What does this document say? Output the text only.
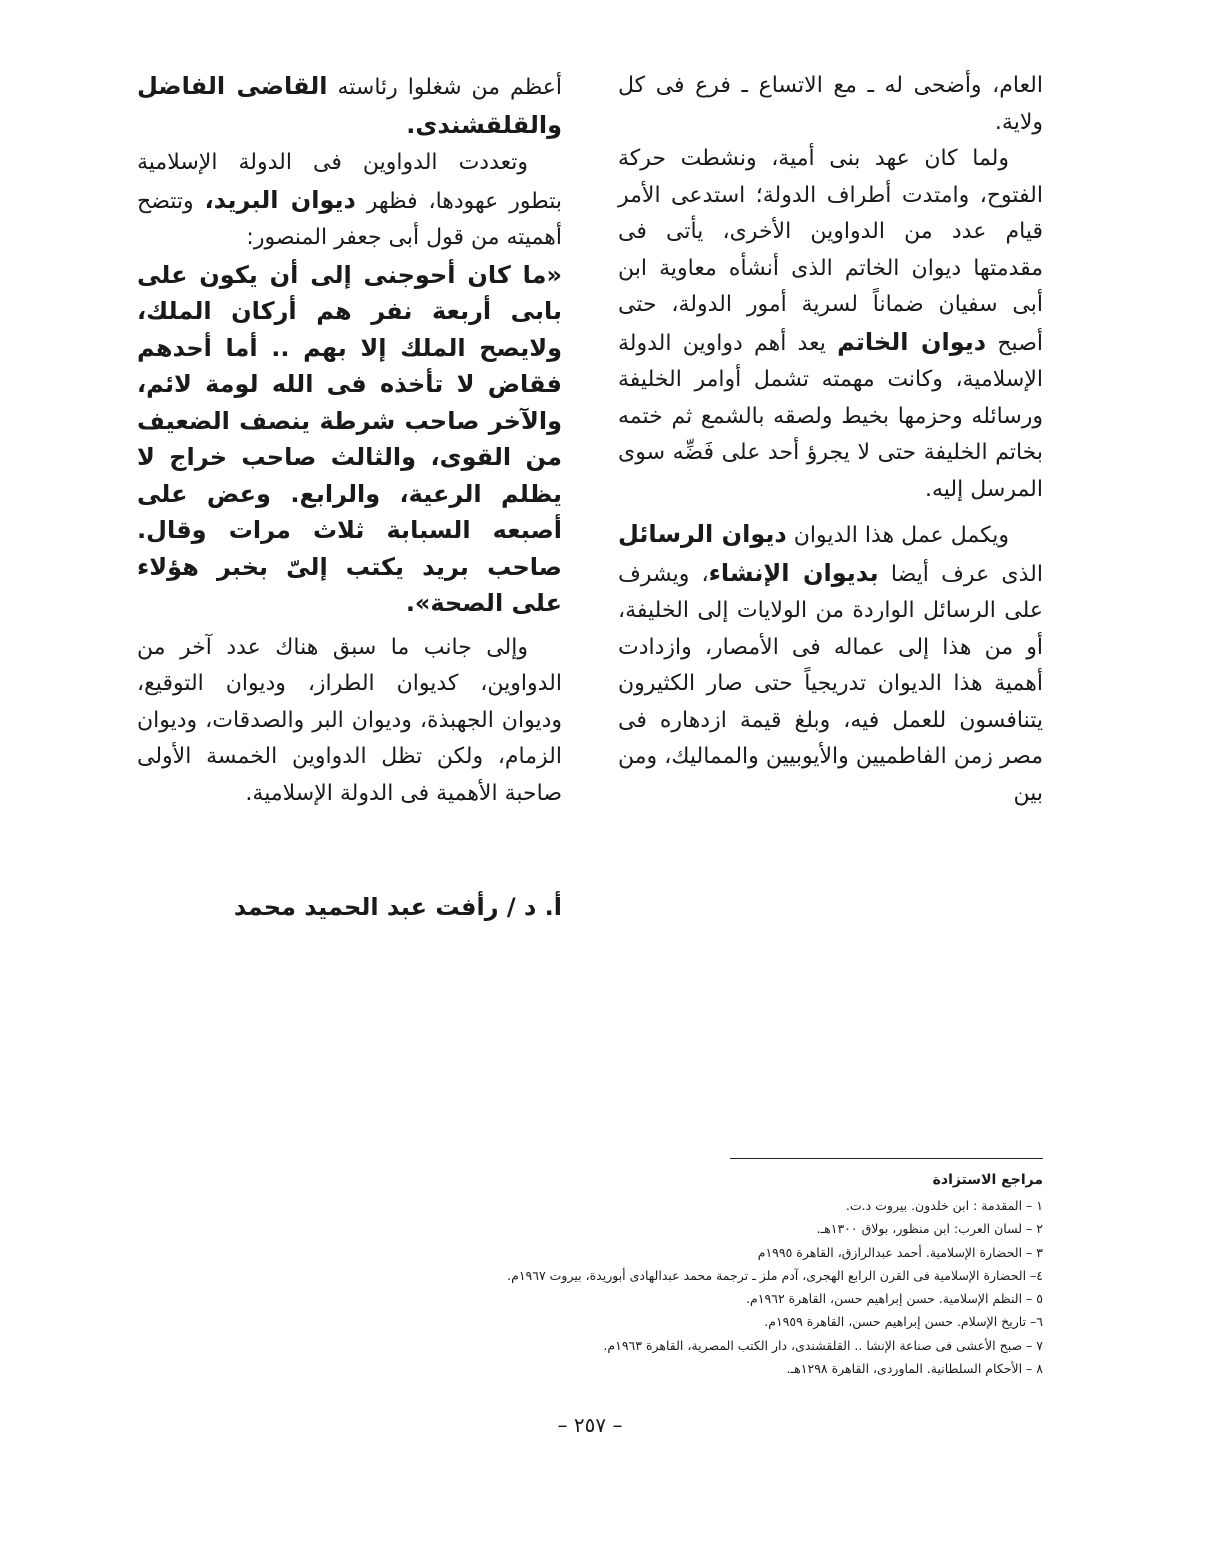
العام، وأضحى له ـ مع الاتساع ـ فرع فى كل ولاية.

ولما كان عهد بنى أمية، ونشطت حركة الفتوح، وامتدت أطراف الدولة؛ استدعى الأمر قيام عدد من الدواوين الأخرى، يأتى فى مقدمتها ديوان الخاتم الذى أنشأه معاوية ابن أبى سفيان ضماناً لسرية أمور الدولة، حتى أصبح ديوان الخاتم يعد أهم دواوين الدولة الإسلامية، وكانت مهمته تشمل أوامر الخليفة ورسائله وحزمها بخيط ولصقه بالشمع ثم ختمه بخاتم الخليفة حتى لا يجرؤ أحد على فَضِّه سوى المرسل إليه.

ويكمل عمل هذا الديوان ديوان الرسائل الذى عرف أيضا بديوان الإنشاء، ويشرف على الرسائل الواردة من الولايات إلى الخليفة، أو من هذا إلى عماله فى الأمصار، وازدادت أهمية هذا الديوان تدريجياً حتى صار الكثيرون يتنافسون للعمل فيه، وبلغ قيمة ازدهاره فى مصر زمن الفاطميين والأيوبيين والمماليك، ومن بين

أعظم من شغلوا رئاسته القاضى الفاضل والقلقشندى.

وتعددت الدواوين فى الدولة الإسلامية بتطور عهودها، فظهر ديوان البريد، وتتضح أهميته من قول أبى جعفر المنصور:

«ما كان أحوجنى إلى أن يكون على بابى أربعة نفر هم أركان الملك، ولايصح الملك إلا بهم .. أما أحدهم فقاض لا تأخذه فى الله لومة لائم، والآخر صاحب شرطة ينصف الضعيف من القوى، والثالث صاحب خراج لا يظلم الرعية، والرابع. وعض على أصبعه السبابة ثلاث مرات وقال. صاحب بريد يكتب إلىّ بخبر هؤلاء على الصحة».

وإلى جانب ما سبق هناك عدد آخر من الدواوين، كديوان الطراز، وديوان التوقيع، وديوان الجهبذة، وديوان البر والصدقات، وديوان الزمام، ولكن تظل الدواوين الخمسة الأولى صاحبة الأهمية فى الدولة الإسلامية.

أ. د / رأفت عبد الحميد محمد
مراجع الاستزادة
١ – المقدمة : ابن خلدون. بيروت د.ت.
٢ – لسان العرب: ابن منظور، بولاق ١٣٠٠هـ.
٣ – الحضارة الإسلامية. أحمد عبدالرازق، القاهرة ١٩٩٥م
٤– الحضارة الإسلامية فى القرن الرابع الهجرى، آدم ملز ـ ترجمة محمد عبدالهادى أبوريدة، بيروت ١٩٦٧م.
٥ – النظم الإسلامية. حسن إبراهيم حسن، القاهرة ١٩٦٢م.
٦– تاريخ الإسلام. حسن إبراهيم حسن، القاهرة ١٩٥٩م.
٧ – صبح الأعشى فى صناعة الإنشا .. القلقشندى، دار الكتب المصرية، القاهرة ١٩٦٣م.
٨ – الأحكام السلطانية. الماوردى، القاهرة ١٢٩٨هـ.
– ٢٥٧ –
